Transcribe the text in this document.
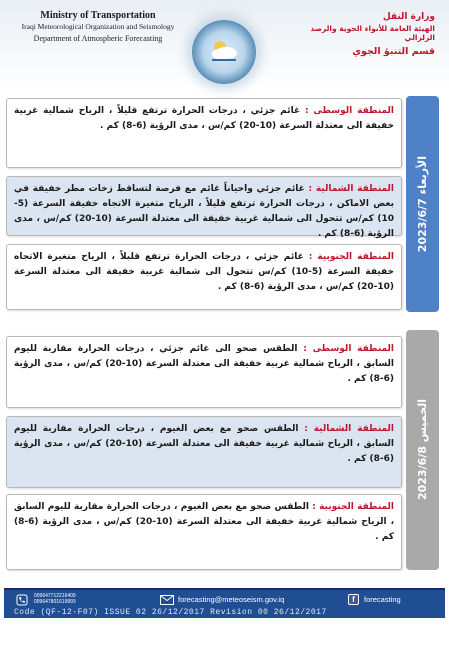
Ministry of Transportation
Iraqi Meteorological Organization and Seismology
Department of Atmospheric Forecasting
وزارة النقل
الهيئة العامة للأنواء الجوية والرصد الزلزالي
قسم التنبؤ الجوي
الأربعاء 2023/6/7
المنطقة الوسطى : غائم جزئي ، درجات الحرارة ترتفع قليلاً ، الرياح شمالية غربية خفيفة الى معتدلة السرعة (10-20) كم/س ، مدى الرؤية (6-8) كم .
المنطقة الشمالية : غائم جزئي واحياناً غائم مع فرصة لتساقط زخات مطر خفيفة في بعض الاماكن ، درجات الحرارة ترتفع قليلاً ، الرياح متغيرة الاتجاه خفيفة السرعة (5-10) كم/س تتحول الى شمالية غربية خفيفة الى معتدلة السرعة (10-20) كم/س ، مدى الرؤية (6-8) كم .
المنطقة الجنوبية : غائم جزئي ، درجات الحرارة ترتفع قليلاً ، الرياح متغيرة الاتجاه خفيفة السرعة (5-10) كم/س تتحول الى شمالية غربية خفيفة الى معتدلة السرعة (10-20) كم/س ، مدى الرؤية (6-8) كم .
الخميس 2023/6/8
المنطقة الوسطى : الطقس صحو الى غائم جزئي ، درجات الحرارة مقاربة لليوم السابق ، الرياح شمالية غربية خفيفة الى معتدلة السرعة (10-20) كم/س ، مدى الرؤية (6-8) كم .
المنطقة الشمالية : الطقس صحو مع بعض الغيوم ، درجات الحرارة مقاربة لليوم السابق ، الرياح شمالية غربية خفيفة الى معتدلة السرعة (10-20) كم/س ، مدى الرؤية (6-8) كم .
المنطقة الجنوبية : الطقس صحو مع بعض الغيوم ، درجات الحرارة مقاربة لليوم السابق ، الرياح شمالية غربية خفيفة الى معتدلة السرعة (10-20) كم/س ، مدى الرؤية (6-8) كم .
009647712216409
009647801619993	forecasting@meteoseism.gov.iq	f	forecasting
Code (QF-12-F07) ISSUE 02 26/12/2017 Revision 00 26/12/2017
